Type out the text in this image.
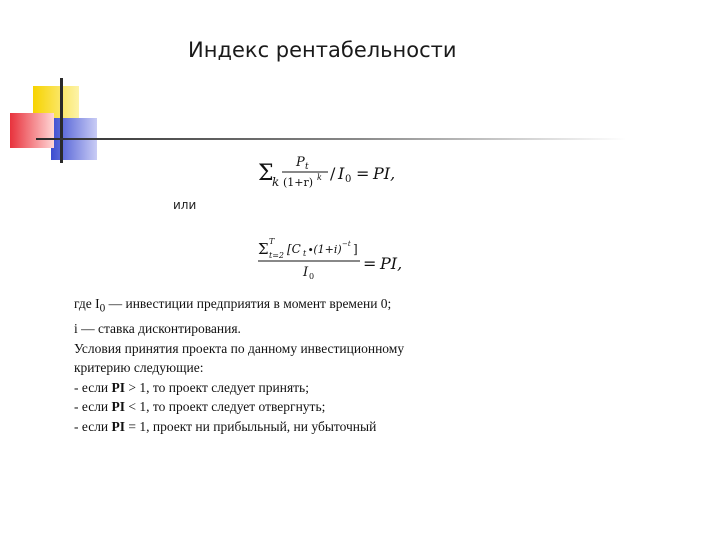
Индекс рентабельности
Σ
k
P t
(1+r) k / I 0 = PI,
или
Σ T
t=2 [C t ∙(1+i) −t ]
I 0
= PI,
где $I_0$ — инвестиции предприятия в момент времени 0;
i — ставка дисконтирования.
Условия принятия проекта по данному инвестиционному
критерию следующие:
- если PI > 1, то проект следует принять;
- если PI < 1, то проект следует отвергнуть;
- если PI = 1, проект ни прибыльный, ни убыточный
